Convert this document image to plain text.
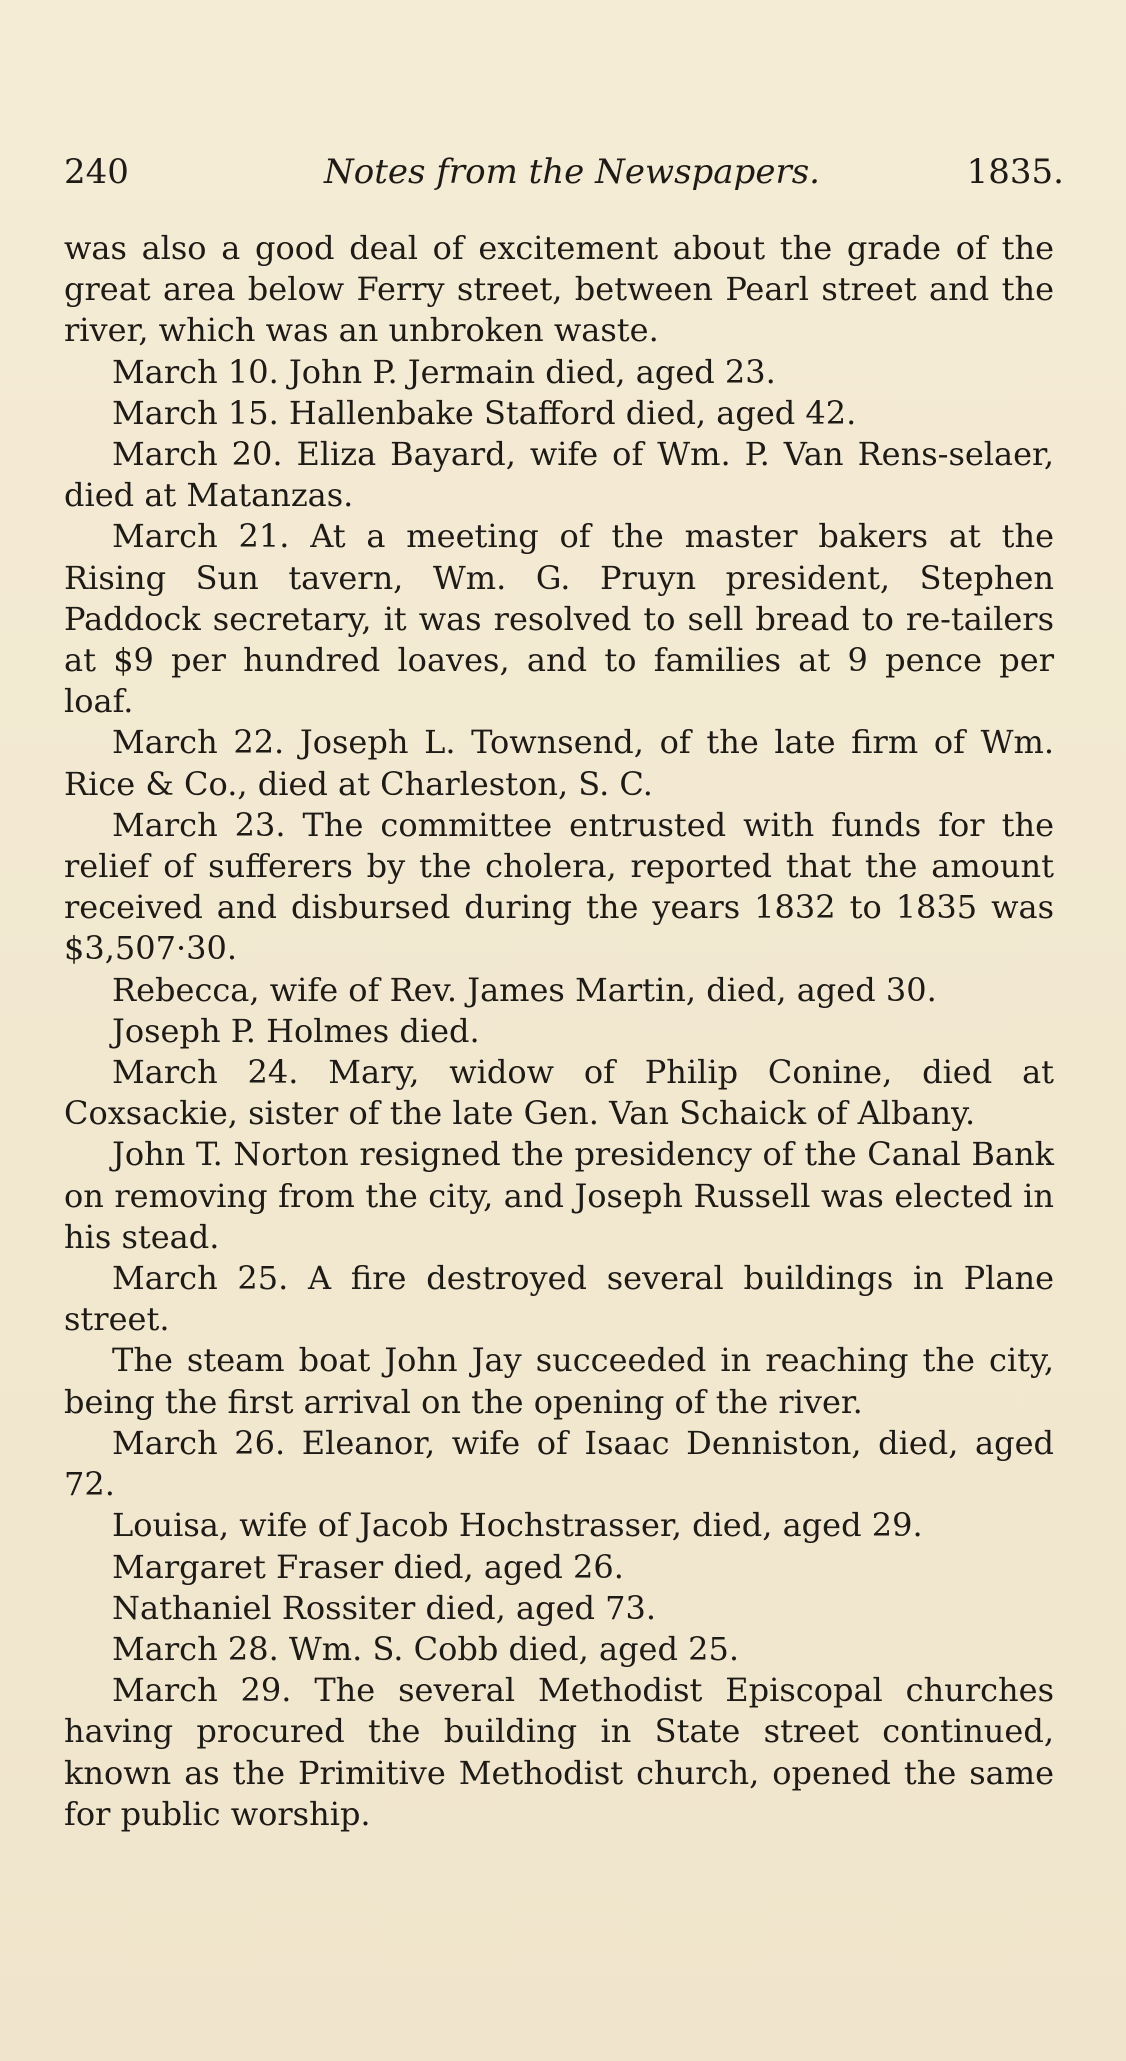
240	Notes from the Newspapers.	1835.

was also a good deal of excitement about the grade of the great area below Ferry street, between Pearl street and the river, which was an unbroken waste.

March 10. John P. Jermain died, aged 23.

March 15. Hallenbake Stafford died, aged 42.

March 20. Eliza Bayard, wife of Wm. P. Van Rens-selaer, died at Matanzas.

March 21. At a meeting of the master bakers at the Rising Sun tavern, Wm. G. Pruyn president, Stephen Paddock secretary, it was resolved to sell bread to re-tailers at $9 per hundred loaves, and to families at 9 pence per loaf.

March 22. Joseph L. Townsend, of the late firm of Wm. Rice & Co., died at Charleston, S. C.

March 23. The committee entrusted with funds for the relief of sufferers by the cholera, reported that the amount received and disbursed during the years 1832 to 1835 was $3,507·30.

Rebecca, wife of Rev. James Martin, died, aged 30.

Joseph P. Holmes died.

March 24. Mary, widow of Philip Conine, died at Coxsackie, sister of the late Gen. Van Schaick of Albany.

John T. Norton resigned the presidency of the Canal Bank on removing from the city, and Joseph Russell was elected in his stead.

March 25. A fire destroyed several buildings in Plane street.

The steam boat John Jay succeeded in reaching the city, being the first arrival on the opening of the river.

March 26. Eleanor, wife of Isaac Denniston, died, aged 72.

Louisa, wife of Jacob Hochstrasser, died, aged 29.

Margaret Fraser died, aged 26.

Nathaniel Rossiter died, aged 73.

March 28. Wm. S. Cobb died, aged 25.

March 29. The several Methodist Episcopal churches having procured the building in State street continued, known as the Primitive Methodist church, opened the same for public worship.
